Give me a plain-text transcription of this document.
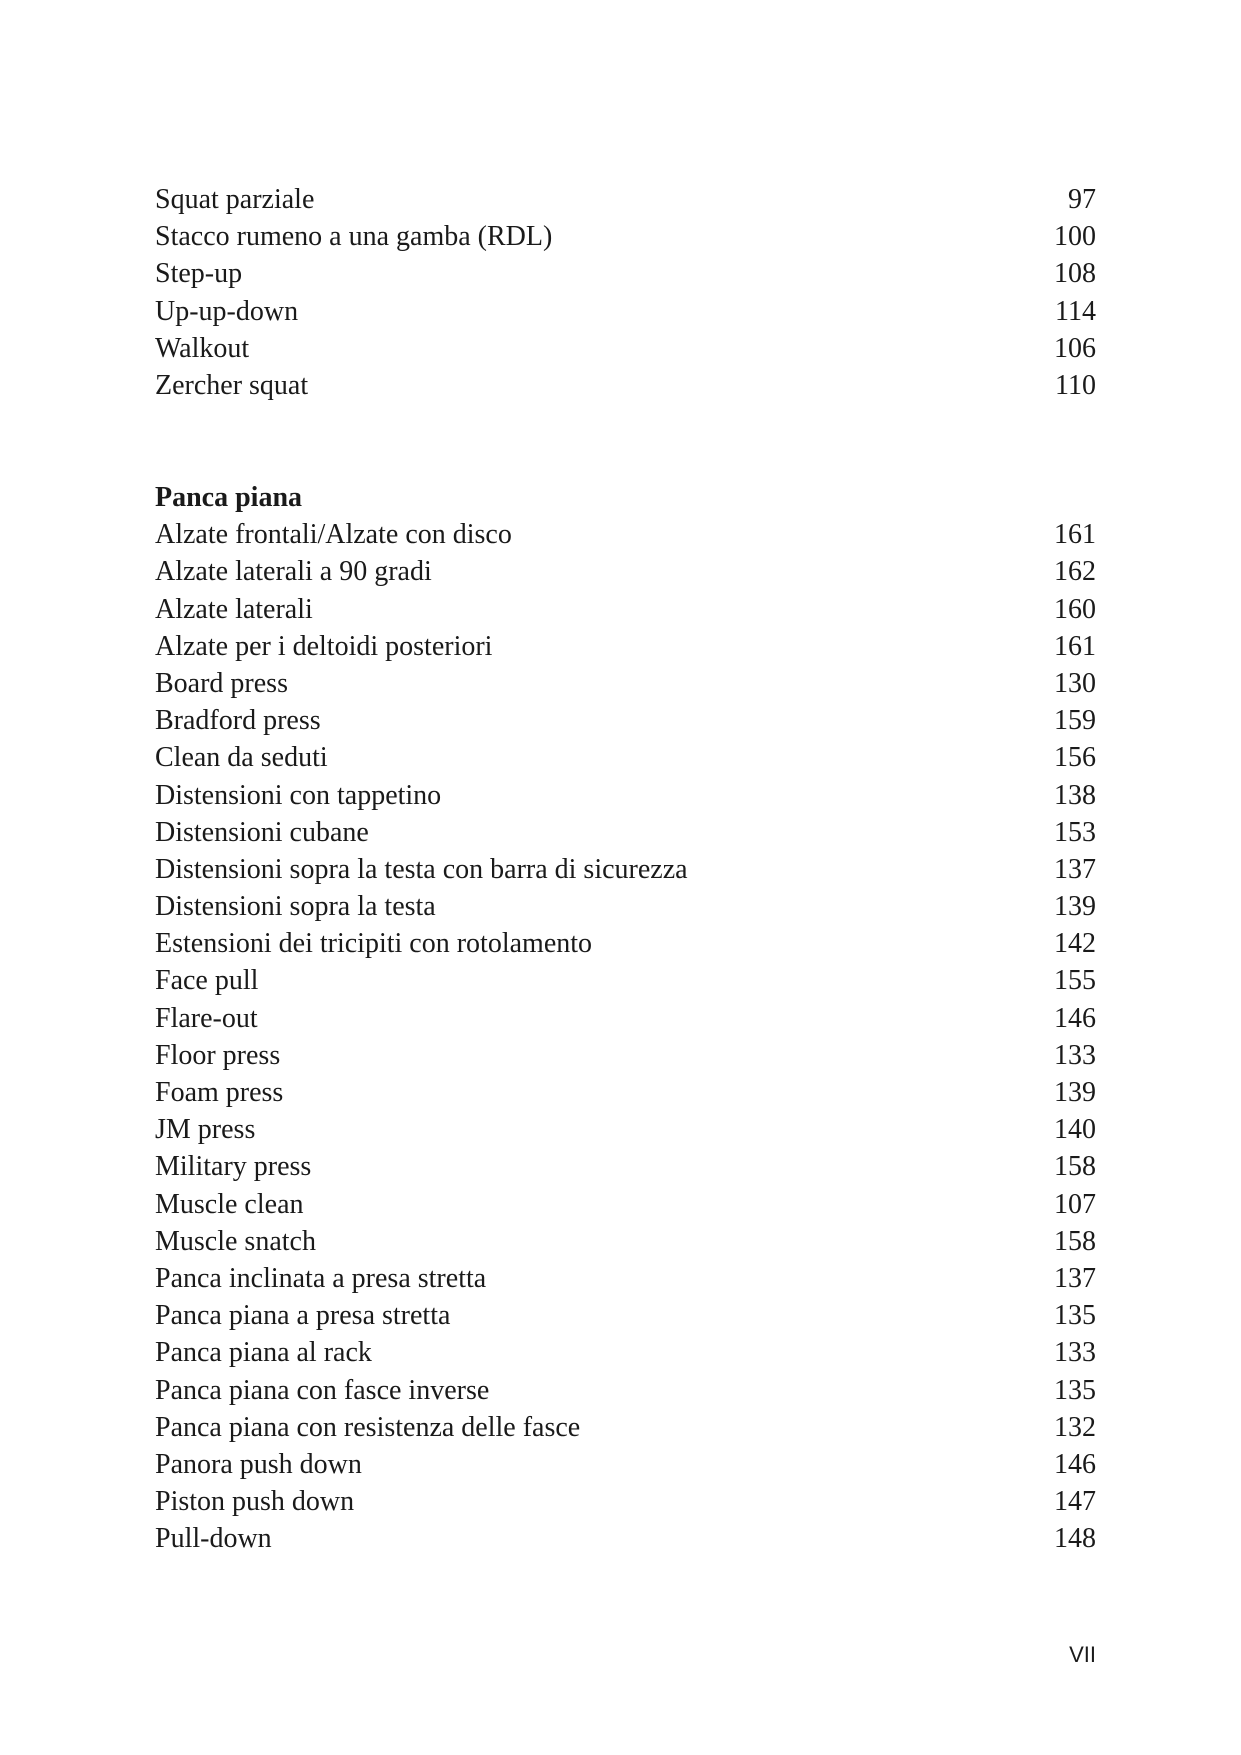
Squat parziale	97
Stacco rumeno a una gamba (RDL)	100
Step-up	108
Up-up-down	114
Walkout	106
Zercher squat	110
Panca piana
Alzate frontali/Alzate con disco	161
Alzate laterali a 90 gradi	162
Alzate laterali	160
Alzate per i deltoidi posteriori	161
Board press	130
Bradford press	159
Clean da seduti	156
Distensioni con tappetino	138
Distensioni cubane	153
Distensioni sopra la testa con barra di sicurezza	137
Distensioni sopra la testa	139
Estensioni dei tricipiti con rotolamento	142
Face pull	155
Flare-out	146
Floor press	133
Foam press	139
JM press	140
Military press	158
Muscle clean	107
Muscle snatch	158
Panca inclinata a presa stretta	137
Panca piana a presa stretta	135
Panca piana al rack	133
Panca piana con fasce inverse	135
Panca piana con resistenza delle fasce	132
Panora push down	146
Piston push down	147
Pull-down	148
VII
